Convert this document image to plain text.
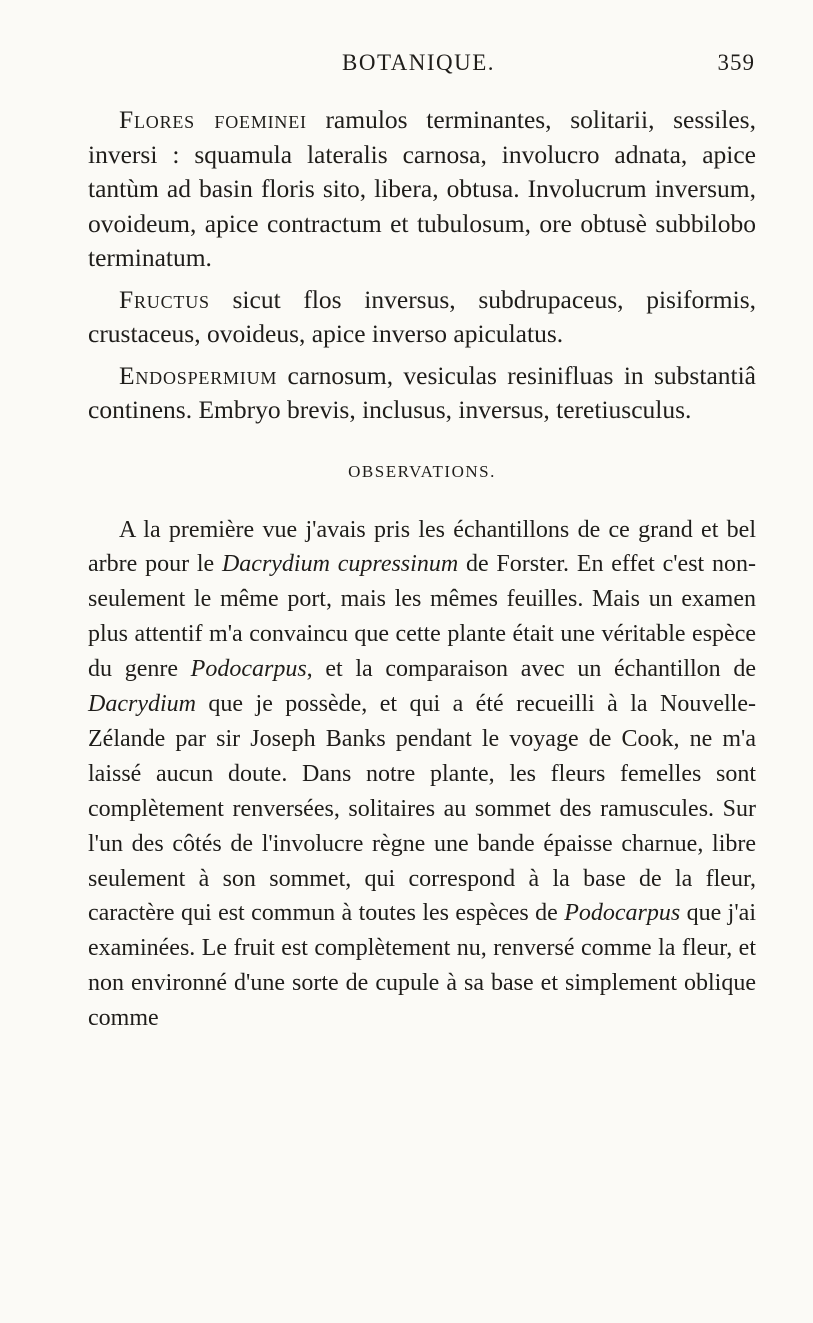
BOTANIQUE.	359

Flores foeminei ramulos terminantes, solitarii, sessiles, inversi : squamula lateralis carnosa, involucro adnata, apice tantùm ad basin floris sito, libera, obtusa. Involucrum inversum, ovoideum, apice contractum et tubulosum, ore obtusè subbilobo terminatum.

Fructus sicut flos inversus, subdrupaceus, pisiformis, crustaceus, ovoideus, apice inverso apiculatus.

Endospermium carnosum, vesiculas resinifluas in substantiâ continens. Embryo brevis, inclusus, inversus, teretiusculus.

OBSERVATIONS.

A la première vue j'avais pris les échantillons de ce grand et bel arbre pour le Dacrydium cupressinum de Forster. En effet c'est non-seulement le même port, mais les mêmes feuilles. Mais un examen plus attentif m'a convaincu que cette plante était une véritable espèce du genre Podocarpus, et la comparaison avec un échantillon de Dacrydium que je possède, et qui a été recueilli à la Nouvelle-Zélande par sir Joseph Banks pendant le voyage de Cook, ne m'a laissé aucun doute. Dans notre plante, les fleurs femelles sont complètement renversées, solitaires au sommet des ramuscules. Sur l'un des côtés de l'involucre règne une bande épaisse charnue, libre seulement à son sommet, qui correspond à la base de la fleur, caractère qui est commun à toutes les espèces de Podocarpus que j'ai examinées. Le fruit est complètement nu, renversé comme la fleur, et non environné d'une sorte de cupule à sa base et simplement oblique comme
